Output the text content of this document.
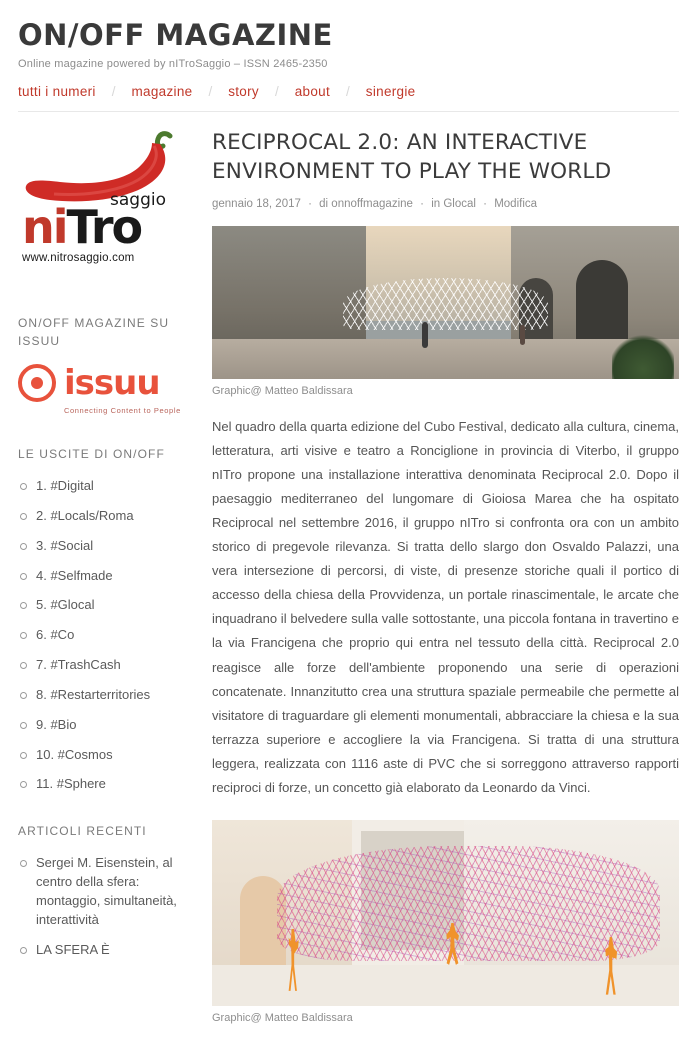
ON/OFF MAGAZINE
Online magazine powered by nITroSaggio – ISSN 2465-2350
tutti i numeri / magazine / story / about / sinergie
saggio
niTro
www.nitrosaggio.com
ON/OFF MAGAZINE SU ISSUU
issuu
Connecting Content to People
LE USCITE DI ON/OFF
1. #Digital
2. #Locals/Roma
3. #Social
4. #Selfmade
5. #Glocal
6. #Co
7. #TrashCash
8. #Restarterritories
9. #Bio
10. #Cosmos
11. #Sphere
ARTICOLI RECENTI
Sergei M. Eisenstein, al centro della sfera: montaggio, simultaneità, interattività
LA SFERA È
RECIPROCAL 2.0: AN INTERACTIVE ENVIRONMENT TO PLAY THE WORLD
gennaio 18, 2017 · di onnoffmagazine · in Glocal · Modifica
Graphic@ Matteo Baldissara

Nel quadro della quarta edizione del Cubo Festival, dedicato alla cultura, cinema, letteratura, arti visive e teatro a Ronciglione in provincia di Viterbo, il gruppo nITro propone una installazione interattiva denominata Reciprocal 2.0. Dopo il paesaggio mediterraneo del lungomare di Gioiosa Marea che ha ospitato Reciprocal nel settembre 2016, il gruppo nITro si confronta ora con un ambito storico di pregevole rilevanza. Si tratta dello slargo don Osvaldo Palazzi, una vera intersezione di percorsi, di viste, di presenze storiche quali il portico di accesso della chiesa della Provvidenza, un portale rinascimentale, le arcate che inquadrano il belvedere sulla valle sottostante, una piccola fontana in travertino e la via Francigena che proprio qui entra nel tessuto della città. Reciprocal 2.0 reagisce alle forze dell'ambiente proponendo una serie di operazioni concatenate. Innanzitutto crea una struttura spaziale permeabile che permette al visitatore di traguardare gli elementi monumentali, abbracciare la chiesa e la sua terrazza superiore e accogliere la via Francigena. Si tratta di una struttura leggera, realizzata con 1116 aste di PVC che si sorreggono attraverso rapporti reciproci di forze, un concetto già elaborato da Leonardo da Vinci.

Graphic@ Matteo Baldissara
